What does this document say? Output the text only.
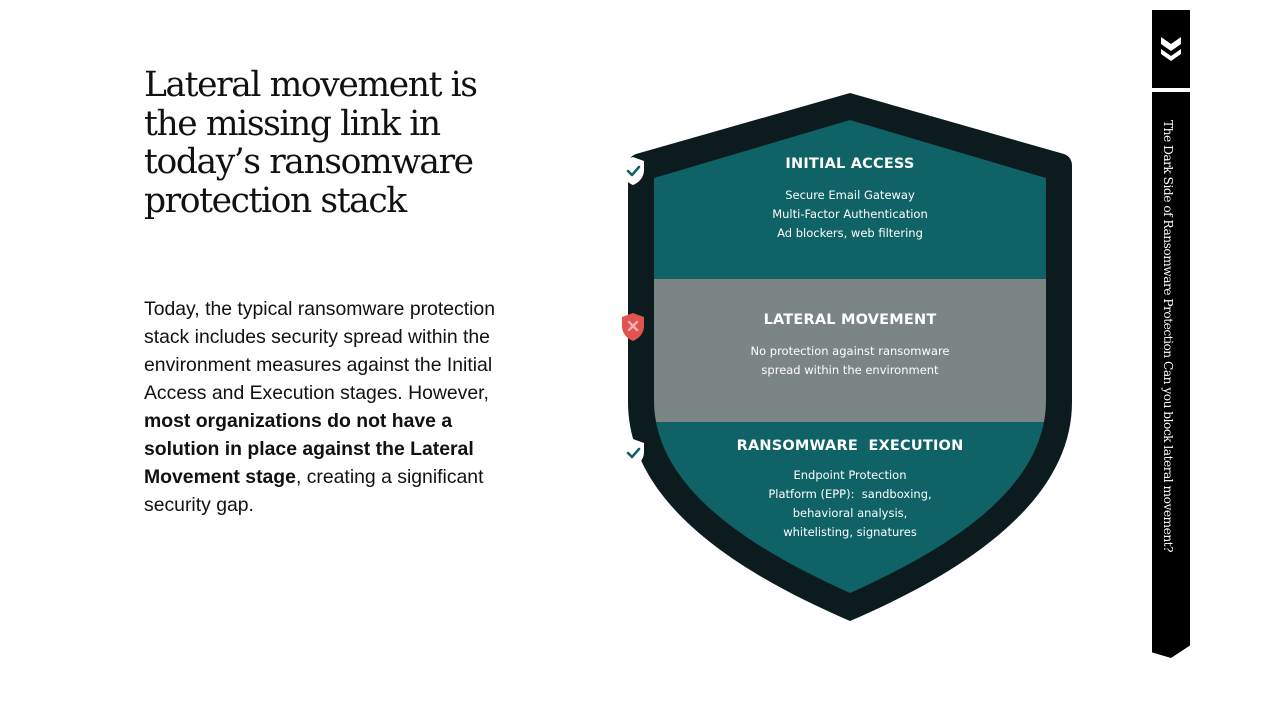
Lateral movement is
the missing link in
today’s ransomware
protection stack

Today, the typical ransomware protection
stack includes security spread within the
environment measures against the Initial
Access and Execution stages. However,
most organizations do not have a
solution in place against the Lateral
Movement stage, creating a significant
security gap.

INITIAL ACCESS
Secure Email Gateway
Multi-Factor Authentication
Ad blockers, web filtering
LATERAL MOVEMENT
No protection against ransomware
spread within the environment
RANSOMWARE  EXECUTION
Endpoint Protection
Platform (EPP):  sandboxing,
behavioral analysis,
whitelisting, signatures	The Dark Side of Ransomware Protection Can you block lateral movement?
